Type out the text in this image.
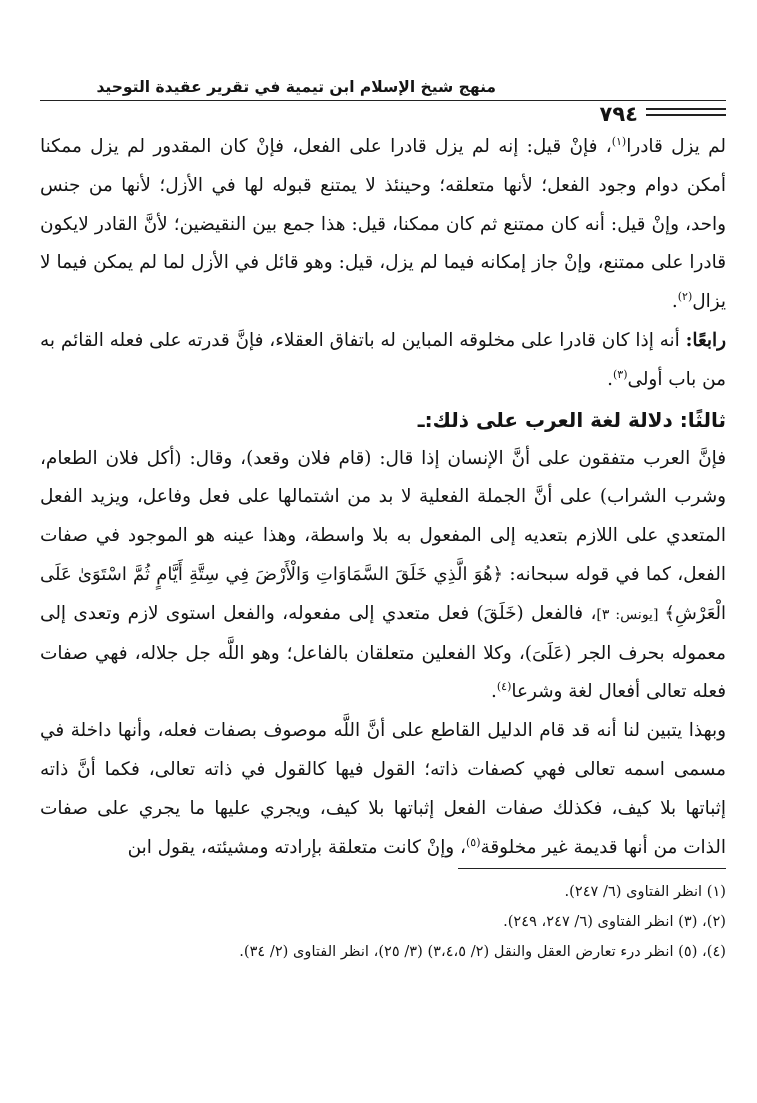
منهج شيخ الإسلام ابن تيمية في تقرير عقيدة التوحيد
٧٩٤

لم يزل قادرا$^{(١)}$، فإنْ قيل: إنه لم يزل قادرا على الفعل، فإنْ كان المقدور لم يزل ممكنا أمكن دوام وجود الفعل؛ لأنها متعلقه؛ وحينئذ لا يمتنع قبوله لها في الأزل؛ لأنها من جنس واحد، وإنْ قيل: أنه كان ممتنع ثم كان ممكنا، قيل: هذا جمع بين النقيضين؛ لأنَّ القادر لايكون قادرا على ممتنع، وإنْ جاز إمكانه فيما لم يزل، قيل: وهو قائل في الأزل لما لم يمكن فيما لا يزال$^{(٢)}$.

رابعًا: أنه إذا كان قادرا على مخلوقه المباين له باتفاق العقلاء، فإنَّ قدرته على فعله القائم به من باب أولى$^{(٣)}$.

ثالثًا: دلالة لغة العرب على ذلك:ـ

فإنَّ العرب متفقون على أنَّ الإنسان إذا قال: (قام فلان وقعد)، وقال: (أكل فلان الطعام، وشرب الشراب) على أنَّ الجملة الفعلية لا بد من اشتمالها على فعل وفاعل، ويزيد الفعل المتعدي على اللازم بتعديه إلى المفعول به بلا واسطة، وهذا عينه هو الموجود في صفات الفعل، كما في قوله سبحانه: ﴿هُوَ الَّذِي خَلَقَ السَّمَاوَاتِ وَالْأَرْضَ فِي سِتَّةِ أَيَّامٍ ثُمَّ اسْتَوَىٰ عَلَى الْعَرْشِ﴾ [يونس: ٣]، فالفعل (خَلَقَ) فعل متعدي إلى مفعوله، والفعل استوى لازم وتعدى إلى معموله بحرف الجر (عَلَىَ)، وكلا الفعلين متعلقان بالفاعل؛ وهو اللَّه جل جلاله، فهي صفات فعله تعالى أفعال لغة وشرعا$^{(٤)}$.

وبهذا يتبين لنا أنه قد قام الدليل القاطع على أنَّ اللَّه موصوف بصفات فعله، وأنها داخلة في مسمى اسمه تعالى فهي كصفات ذاته؛ القول فيها كالقول في ذاته تعالى، فكما أنَّ ذاته إثباتها بلا كيف، فكذلك صفات الفعل إثباتها بلا كيف، ويجري عليها ما يجري على صفات الذات من أنها قديمة غير مخلوقة$^{(٥)}$، وإنْ كانت متعلقة بإرادته ومشيئته، يقول ابن

(١) انظر الفتاوى (٦/ ٢٤٧).

(٢)، (٣) انظر الفتاوى (٦/ ٢٤٧، ٢٤٩).

(٤)، (٥) انظر درء تعارض العقل والنقل (٢/ ٣،٤،٥) (٣/ ٢٥)، انظر الفتاوى (٢/ ٣٤).
